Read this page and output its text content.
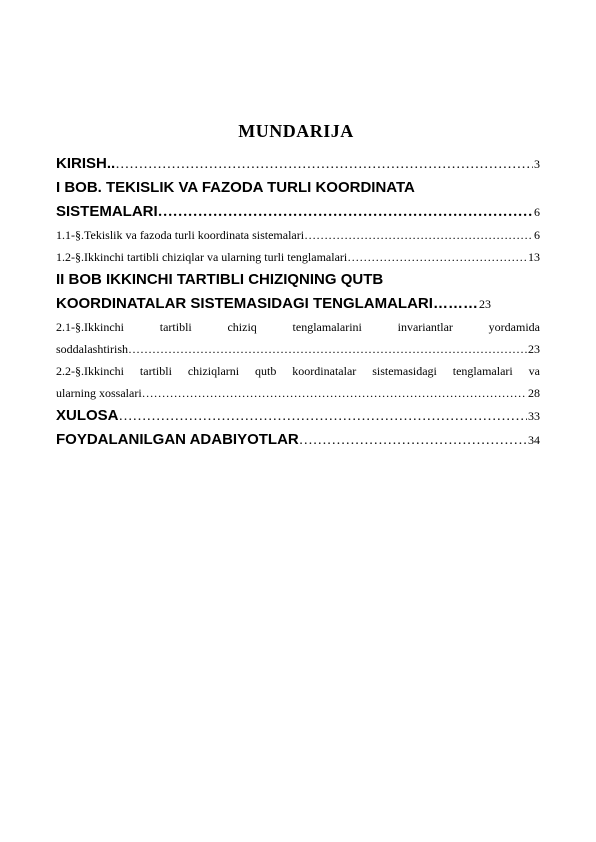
MUNDARIJA
KIRISH.. ……………………………………………………………………………………………………………………………………………………………………………………	3
I BOB. TEKISLIK VA FAZODA TURLI KOORDINATA
SISTEMALARI ……………………………………………………………………………………………………………………………………………………………………………………	6
1.1-§.Tekislik va fazoda turli koordinata sistemalari ……………………………………………………………………………………………………………………………………………………………………………………	6
1.2-§.Ikkinchi tartibli chiziqlar va ularning turli tenglamalari ……………………………………………………………………………………………………………………………………………………………………………………	13
II BOB IKKINCHI TARTIBLI CHIZIQNING QUTB
KOORDINATALAR SISTEMASIDAGI TENGLAMALARI ……… 23
2.1-§.Ikkinchi tartibli chiziq tenglamalarini invariantlar yordamida
soddalashtirish ……………………………………………………………………………………………………………………………………………………………………………………	23
2.2-§.Ikkinchi tartibli chiziqlarni qutb koordinatalar sistemasidagi tenglamalari va
ularning xossalari ……………………………………………………………………………………………………………………………………………………………………………………	28
XULOSA ……………………………………………………………………………………………………………………………………………………………………………………	33
FOYDALANILGAN ADABIYOTLAR ……………………………………………………………………………………………………………………………………………………………………………………	34
